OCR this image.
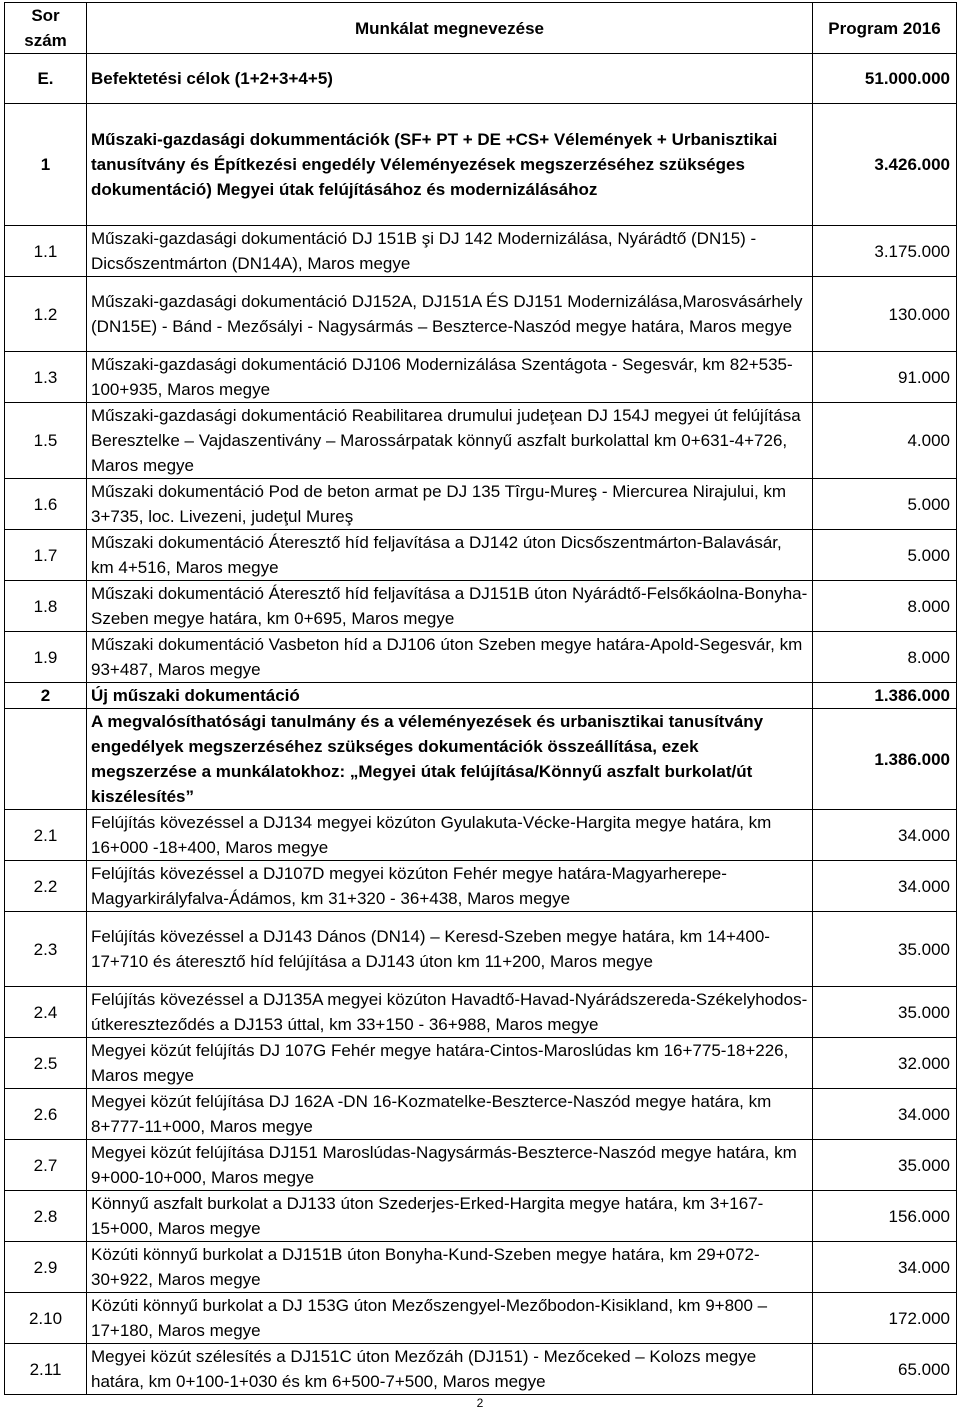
Sor szám	Munkálat megnevezése	Program 2016
E.	Befektetési célok (1+2+3+4+5)	51.000.000
1	Műszaki-gazdasági dokummentációk (SF+ PT + DE +CS+ Vélemények + Urbanisztikai tanusítvány és Építkezési engedély Véleményezések megszerzéséhez szükséges dokumentáció) Megyei útak felújításához és modernizálásához	3.426.000
1.1	Műszaki-gazdasági dokumentáció DJ 151B şi DJ 142 Modernizálása, Nyárádtő (DN15) - Dicsőszentmárton (DN14A), Maros megye	3.175.000
1.2	Műszaki-gazdasági dokumentáció DJ152A, DJ151A ÉS DJ151 Modernizálása,Marosvásárhely (DN15E) - Bánd - Mezősályi - Nagysármás – Beszterce-Naszód megye határa, Maros megye	130.000
1.3	Műszaki-gazdasági dokumentáció DJ106 Modernizálása Szentágota - Segesvár, km 82+535-100+935, Maros megye	91.000
1.5	Műszaki-gazdasági dokumentáció Reabilitarea drumului judeţean DJ 154J megyei út felújítása Beresztelke – Vajdaszentivány – Marossárpatak könnyű aszfalt burkolattal km 0+631-4+726, Maros megye	4.000
1.6	Műszaki dokumentáció Pod de beton armat pe DJ 135 Tîrgu-Mureş - Miercurea Nirajului, km 3+735, loc. Livezeni, judeţul Mureş	5.000
1.7	Műszaki dokumentáció Áteresztő híd feljavítása a DJ142 úton Dicsőszentmárton-Balavásár, km 4+516, Maros megye	5.000
1.8	Műszaki dokumentáció Áteresztő híd feljavítása a DJ151B úton Nyárádtő-Felsőkáolna-Bonyha-Szeben megye határa, km 0+695, Maros megye	8.000
1.9	Műszaki dokumentáció Vasbeton híd a DJ106 úton Szeben megye határa-Apold-Segesvár, km 93+487, Maros megye	8.000
2	Új műszaki dokumentáció	1.386.000
	A megvalósíthatósági tanulmány és a véleményezések és urbanisztikai tanusítvány engedélyek megszerzéséhez szükséges dokumentációk összeállítása, ezek megszerzése a munkálatokhoz: „Megyei útak felújítása/Könnyű aszfalt burkolat/út kiszélesítés”	1.386.000
2.1	Felújítás kövezéssel a DJ134 megyei közúton Gyulakuta-Vécke-Hargita megye határa, km 16+000 -18+400, Maros megye	34.000
2.2	Felújítás kövezéssel a DJ107D megyei közúton Fehér megye határa-Magyarherepe-Magyarkirályfalva-Ádámos, km 31+320 - 36+438, Maros megye	34.000
2.3	Felújítás kövezéssel a DJ143 Dános (DN14) – Keresd-Szeben megye határa, km 14+400-17+710 és áteresztő híd felújítása a DJ143 úton km 11+200, Maros megye	35.000
2.4	Felújítás kövezéssel a DJ135A megyei közúton Havadtő-Havad-Nyárádszereda-Székelyhodos-útkereszteződés a DJ153 úttal, km 33+150 - 36+988, Maros megye	35.000
2.5	Megyei közút felújítás DJ 107G Fehér megye határa-Cintos-Maroslúdas km 16+775-18+226, Maros megye	32.000
2.6	Megyei közút felújítása DJ 162A -DN 16-Kozmatelke-Beszterce-Naszód megye határa, km 8+777-11+000, Maros megye	34.000
2.7	Megyei közút felújítása DJ151 Maroslúdas-Nagysármás-Beszterce-Naszód megye határa, km 9+000-10+000, Maros megye	35.000
2.8	Könnyű aszfalt burkolat a DJ133 úton Szederjes-Erked-Hargita megye határa, km 3+167-15+000, Maros megye	156.000
2.9	Közúti könnyű burkolat a DJ151B úton Bonyha-Kund-Szeben megye határa, km 29+072-30+922, Maros megye	34.000
2.10	Közúti könnyű burkolat a DJ 153G úton Mezőszengyel-Mezőbodon-Kisikland, km 9+800 – 17+180, Maros megye	172.000
2.11	Megyei közút szélesítés a DJ151C úton Mezőzáh (DJ151) - Mezőceked – Kolozs megye határa, km 0+100-1+030 és km 6+500-7+500, Maros megye	65.000
2
